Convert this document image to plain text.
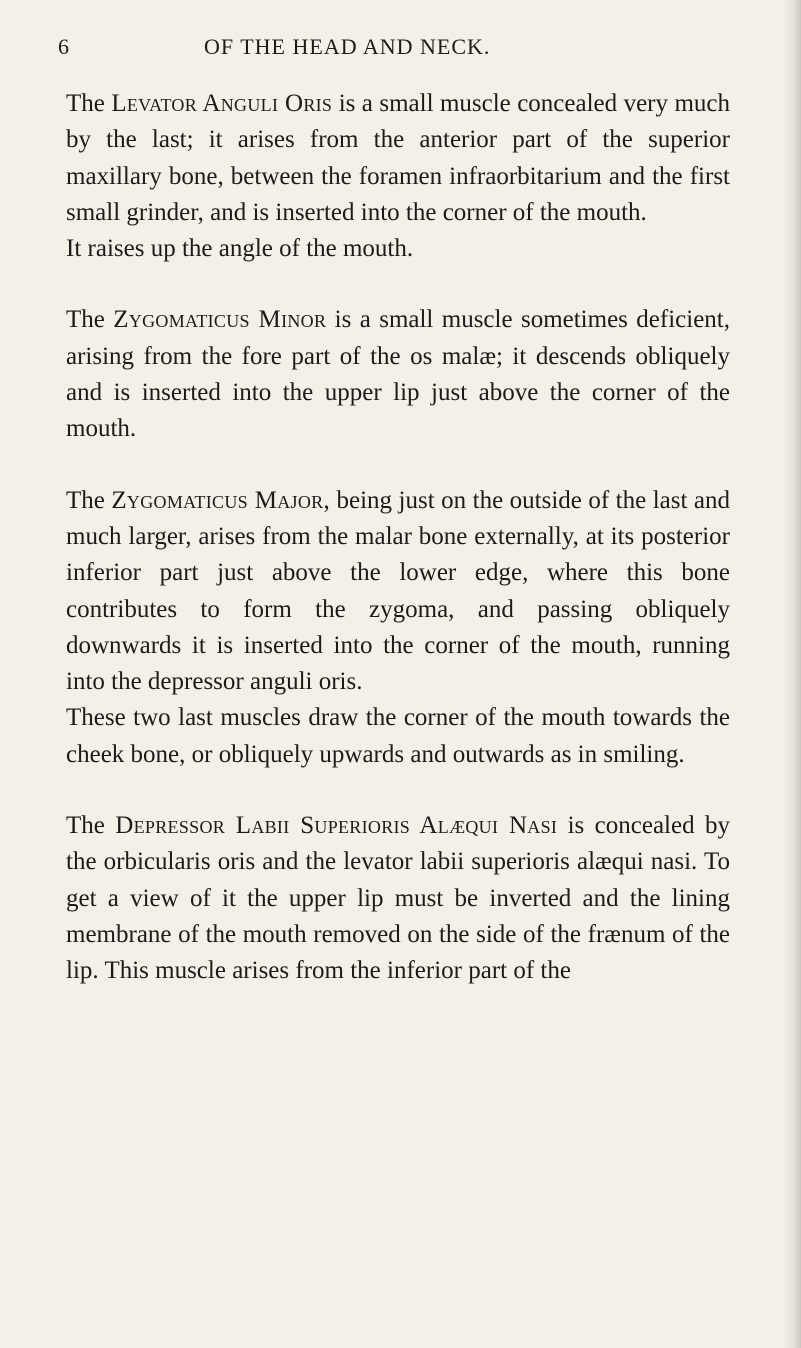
6	OF THE HEAD AND NECK.

The Levator Anguli Oris is a small muscle concealed very much by the last; it arises from the anterior part of the superior maxillary bone, between the foramen infraorbitarium and the first small grinder, and is inserted into the corner of the mouth.

It raises up the angle of the mouth.

The Zygomaticus Minor is a small muscle sometimes deficient, arising from the fore part of the os malæ; it descends obliquely and is inserted into the upper lip just above the corner of the mouth.

The Zygomaticus Major, being just on the outside of the last and much larger, arises from the malar bone externally, at its posterior inferior part just above the lower edge, where this bone contributes to form the zygoma, and passing obliquely downwards it is inserted into the corner of the mouth, running into the depressor anguli oris.

These two last muscles draw the corner of the mouth towards the cheek bone, or obliquely upwards and outwards as in smiling.

The Depressor Labii Superioris Alæqui Nasi is concealed by the orbicularis oris and the levator labii superioris alæqui nasi. To get a view of it the upper lip must be inverted and the lining membrane of the mouth removed on the side of the frænum of the lip. This muscle arises from the inferior part of the
